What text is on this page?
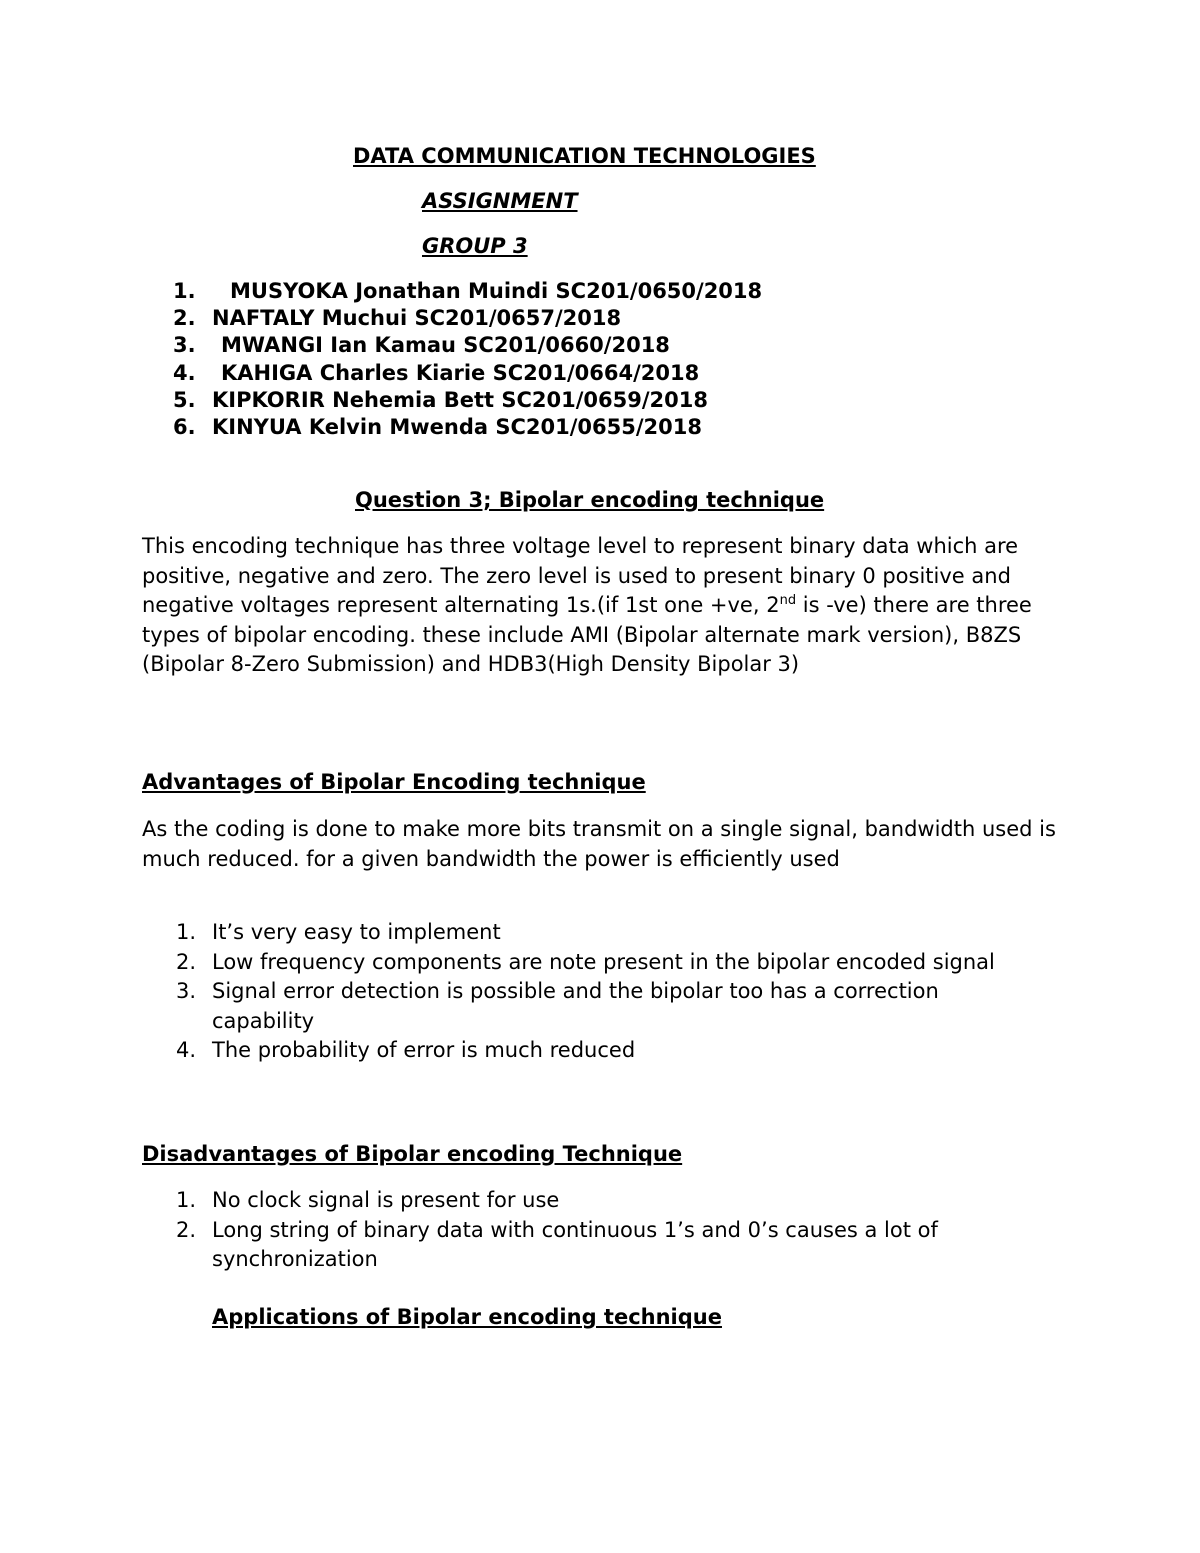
DATA COMMUNICATION TECHNOLOGIES

ASSIGNMENT

GROUP 3

1. MUSYOKA Jonathan Muindi SC201/0650/2018
2. NAFTALY Muchui SC201/0657/2018
3. MWANGI Ian Kamau SC201/0660/2018
4. KAHIGA Charles Kiarie SC201/0664/2018
5. KIPKORIR Nehemia Bett SC201/0659/2018
6. KINYUA Kelvin Mwenda SC201/0655/2018

Question 3; Bipolar encoding technique

This encoding technique has three voltage level to represent binary data which are positive, negative and zero. The zero level is used to present binary 0 positive and negative voltages represent alternating 1s.(if 1st one +ve, 2nd is -ve) there are three types of bipolar encoding. these include AMI (Bipolar alternate mark version), B8ZS (Bipolar 8-Zero Submission) and HDB3(High Density Bipolar 3)

Advantages of Bipolar Encoding technique

As the coding is done to make more bits transmit on a single signal, bandwidth used is much reduced. for a given bandwidth the power is efficiently used

1. It’s very easy to implement
2. Low frequency components are note present in the bipolar encoded signal
3. Signal error detection is possible and the bipolar too has a correction capability
4. The probability of error is much reduced

Disadvantages of Bipolar encoding Technique

1. No clock signal is present for use
2. Long string of binary data with continuous 1’s and 0’s causes a lot of synchronization

Applications of Bipolar encoding technique
